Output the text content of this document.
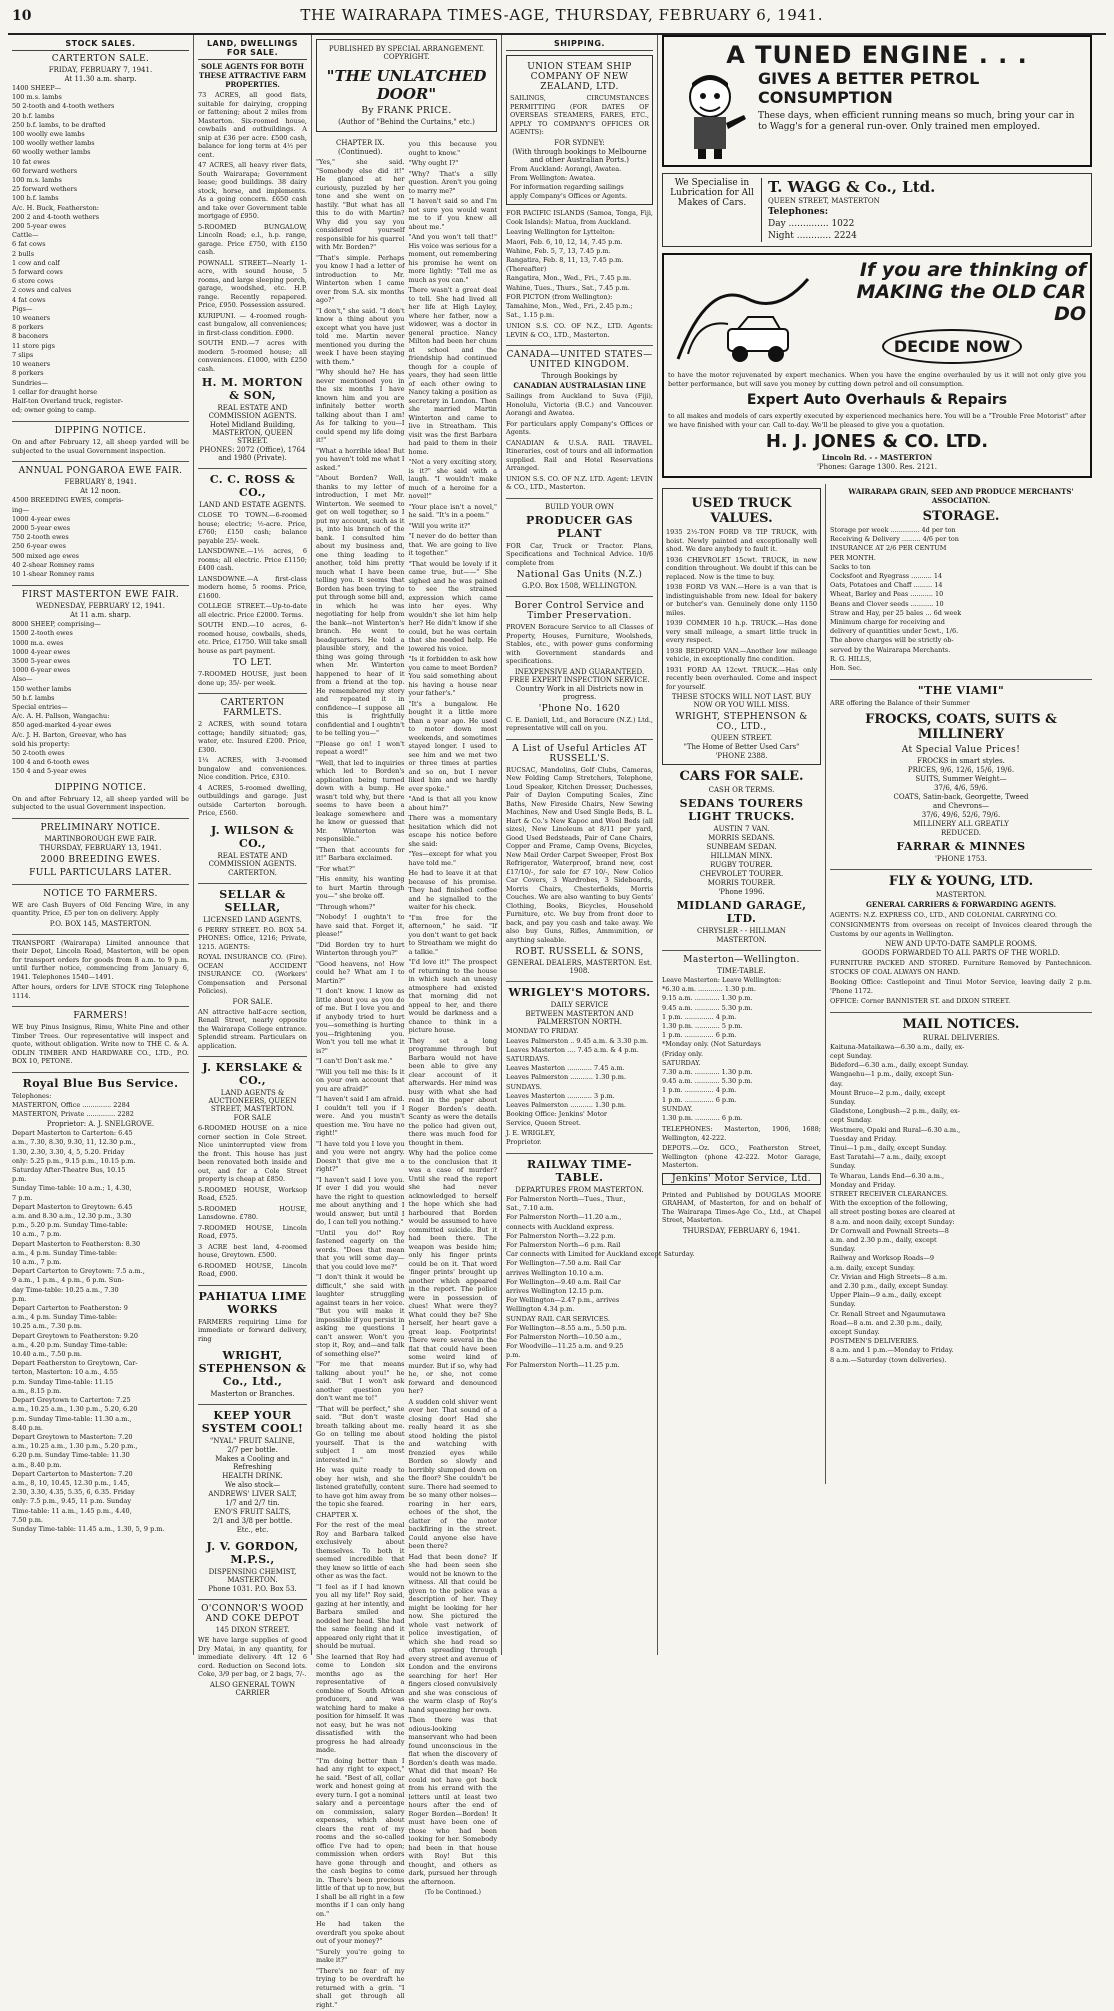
10	THE WAIRARAPA TIMES-AGE, THURSDAY, FEBRUARY 6, 1941.
STOCK SALES.
CARTERTON SALE.
FRIDAY, FEBRUARY 7, 1941.
At 11.30 a.m. sharp.
1400 SHEEP—
100 m.s. lambs
50 2-tooth and 4-tooth wethers
20 b.f. lambs
250 b.f. lambs, to be drafted
100 woolly ewe lambs
100 woolly wether lambs
60 woolly wether lambs
10 fat ewes
60 forward wethers
100 m.s. lambs
25 forward wethers
100 b.f. lambs
A/c. H. Buck, Featherston:
200 2 and 4-tooth wethers
200 5-year ewes
Cattle—
6 fat cows
2 bulls
1 cow and calf
5 forward cows
6 store cows
2 cows and calves
4 fat cows
Pigs—
10 weaners
8 porkers
8 baconers
11 store pigs
7 slips
10 weaners
8 porkers
Sundries—
1 cellar for draught horse
Half-ton Overland truck, register-
ed; owner going to camp.
DIPPING NOTICE.
On and after February 12, all sheep yarded will be subjected to the usual Government inspection.
ANNUAL PONGAROA EWE FAIR.
FEBRUARY 8, 1941.
At 12 noon.
4500 BREEDING EWES, compris-
ing—
1000 4-year ewes
2000 5-year ewes
750 2-tooth ewes
250 6-year ewes
500 mixed age ewes
40 2-shear Romney rams
10 1-shear Romney rams
FIRST MASTERTON EWE FAIR.
WEDNESDAY, FEBRUARY 12, 1941.
At 11 a.m. sharp.
8000 SHEEP, comprising—
1500 2-tooth ewes
1000 m.a. ewes
1000 4-year ewes
3500 5-year ewes
1000 6-year ewes
Also—
150 wether lambs
50 b.f. lambs
Special entries—
A/c. A. H. Pallson, Wangachu:
850 aged-marked 4-year ewes
A/c. J. H. Barton, Greevar, who has
sold his property:
50 2-tooth ewes
100 4 and 6-tooth ewes
150 4 and 5-year ewes
DIPPING NOTICE.
On and after February 12, all sheep yarded will be subjected to the usual Government inspection.
PRELIMINARY NOTICE.
MARTINBOROUGH EWE FAIR.
THURSDAY, FEBRUARY 13, 1941.
2000 BREEDING EWES.
FULL PARTICULARS LATER.
NOTICE TO FARMERS.
WE are Cash Buyers of Old Fencing Wire, in any quantity. Price, £5 per ton on delivery. Apply
P.O. BOX 145, MASTERTON.
TRANSPORT (Wairarapa) Limited announce that their Depot, Lincoln Road, Masterton, will be open for transport orders for goods from 8 a.m. to 9 p.m. until further notice, commencing from January 6, 1941. Telephones 1540—1491.
After hours, orders for LIVE STOCK ring Telephone 1114.
FARMERS!
WE buy Pinus Insignus, Rimu, White Pine and other Timber Trees. Our representative will inspect and quote, without obligation. Write now to THE C. & A. ODLIN TIMBER AND HARDWARE CO., LTD., P.O. BOX 10, PETONE.
Royal Blue Bus Service.
Telephones:
MASTERTON, Office .............. 2284
MASTERTON, Private .............. 2282
Proprietor: A. J. SNELGROVE.
Depart Masterton to Carterton: 6.45
a.m., 7.30, 8.30, 9.30, 11, 12.30 p.m.,
1.30, 2.30, 3.30, 4, 5, 5.20. Friday
only: 5.25 p.m., 9.15 p.m., 10.15 p.m.
Saturday After-Theatre Bus, 10.15
p.m.
Sunday Time-table: 10 a.m.; 1, 4.30,
7 p.m.
Depart Masterton to Greytown: 6.45
a.m. and 8.30 a.m., 12.30 p.m., 3.30
p.m., 5.20 p.m. Sunday Time-table:
10 a.m., 7 p.m.
Depart Masterton to Featherston: 8.30
a.m., 4 p.m. Sunday Time-table:
10 a.m., 7 p.m.
Depart Carterton to Greytown: 7.5 a.m.,
9 a.m., 1 p.m., 4 p.m., 6 p.m. Sun-
day Time-table: 10.25 a.m., 7.30
p.m.
Depart Carterton to Featherston: 9
a.m., 4 p.m. Sunday Time-table:
10.25 a.m., 7.30 p.m.
Depart Greytown to Featherston: 9.20
a.m., 4.20 p.m. Sunday Time-table:
10.40 a.m., 7.50 p.m.
Depart Featherston to Greytown, Car-
terton, Masterton: 10 a.m., 4.55
p.m. Sunday Time-table: 11.15
a.m., 8.15 p.m.
Depart Greytown to Carterton: 7.25
a.m., 10.25 a.m., 1.30 p.m., 5.20, 6.20
p.m. Sunday Time-table: 11.30 a.m.,
8.40 p.m.
Depart Greytown to Masterton: 7.20
a.m., 10.25 a.m., 1.30 p.m., 5.20 p.m.,
6.20 p.m. Sunday Time-table: 11.30
a.m., 8.40 p.m.
Depart Carterton to Masterton: 7.20
a.m., 8, 10, 10.45, 12.30 p.m., 1.45,
2.30, 3.30, 4.35, 5.35, 6, 6.35. Friday
only: 7.5 p.m., 9.45, 11 p.m. Sunday
Time-table: 11 a.m., 1.45 p.m., 4.40,
7.50 p.m.
Sunday Time-table: 11.45 a.m., 1.30, 5, 9 p.m.
LAND, DWELLINGS FOR SALE.
SOLE AGENTS FOR BOTH THESE ATTRACTIVE FARM PROPERTIES.
73 ACRES, all good flats, suitable for dairying, cropping or fattening; about 2 miles from Masterton. Six-roomed house, cowbails and outbuildings. A snip at £36 per acre. £500 cash, balance for long term at 4½ per cent.
47 ACRES, all heavy river flats, South Wairarapa; Government lease; good buildings. 38 dairy stock, horse, and implements. As a going concern. £650 cash and take over Government table mortgage of £950.
5-ROOMED BUNGALOW, Lincoln Road; e.l., h.p. range, garage. Price £750, with £150 cash.
POWNALL STREET—Nearly 1-acre, with sound house, 5 rooms, and large sleeping porch, garage, woodshed, etc. H.P. range. Recently repapered. Price, £950. Possession assured.
KURIPUNI. — 4-roomed rough-cast bungalow, all conveniences; in first-class condition. £900.
SOUTH END.—7 acres with modern 5-roomed house; all conveniences. £1000, with £250 cash.
H. M. MORTON & SON,
REAL ESTATE AND COMMISSION AGENTS.
Hotel Midland Building, MASTERTON, QUEEN STREET.
PHONES: 2072 (Office), 1764 and 1980 (Private).
C. C. ROSS & CO.,
LAND AND ESTATE AGENTS.
CLOSE TO TOWN.—6-roomed house; electric; ½-acre. Price, £760; £150 cash; balance payable 25/- week.
LANSDOWNE.—1½ acres, 6 rooms; all electric. Price £1150; £400 cash.
LANSDOWNE.—A first-class modern home, 5 rooms. Price, £1600.
COLLEGE STREET.—Up-to-date all electric. Price £2000. Terms.
SOUTH END.—10 acres, 6-roomed house, cowbails, sheds, etc. Price, £1750. Will take small house as part payment.
TO LET.
7-ROOMED HOUSE, just been done up; 35/- per week.
CARTERTON FARMLETS.
2 ACRES, with sound totara cottage; handily situated; gas, water, etc. Insured £200. Price, £300.
1¼ ACRES, with 3-roomed bungalow and conveniences. Nice condition. Price, £310.
4 ACRES, 5-roomed dwelling, outbuildings and garage. Just outside Carterton borough. Price, £560.
J. WILSON & CO.,
REAL ESTATE AND COMMISSION AGENTS.
CARTERTON.
SELLAR & SELLAR,
LICENSED LAND AGENTS.
6 PERRY STREET. P.O. BOX 54. PHONES: Office, 1216; Private, 1215. AGENTS:
ROYAL INSURANCE CO. (Fire). OCEAN ACCIDENT INSURANCE CO. (Workers' Compensation and Personal Policies).
FOR SALE.
AN attractive half-acre section, Renall Street, nearly opposite the Wairarapa College entrance. Splendid stream. Particulars on application.
J. KERSLAKE & CO.,
LAND AGENTS & AUCTIONEERS, QUEEN STREET, MASTERTON.
FOR SALE
6-ROOMED HOUSE on a nice corner section in Cole Street. Nice uninterrupted view from the front. This house has just been renovated both inside and out, and for a Cole Street property is cheap at £850.
5-ROOMED HOUSE, Worksop Road, £525.
5-ROOMED HOUSE, Lansdowne. £780.
7-ROOMED HOUSE, Lincoln Road, £975.
3 ACRE best land, 4-roomed house, Greytown. £500.
6-ROOMED HOUSE, Lincoln Road, £900.
PAHIATUA LIME WORKS
FARMERS requiring Lime for immediate or forward delivery, ring
WRIGHT, STEPHENSON & Co., Ltd.,
Masterton or Branches.
KEEP YOUR SYSTEM COOL!
"NYAL" FRUIT SALINE,
2/7 per bottle.
Makes a Cooling and Refreshing
HEALTH DRINK.
We also stock—
ANDREWS' LIVER SALT,
1/7 and 2/7 tin.
ENO'S FRUIT SALTS,
2/1 and 3/8 per bottle.
Etc., etc.
J. V. GORDON, M.P.S.,
DISPENSING CHEMIST, MASTERTON.
Phone 1031. P.O. Box 53.
O'CONNOR'S WOOD AND COKE DEPOT
145 DIXON STREET.
WE have large supplies of good Dry Matai, in any quantity, for immediate delivery. 4ft 12 6 cord. Reduction on Second lots. Coke, 3/9 per bag, or 2 bags, 7/-.
ALSO GENERAL TOWN CARRIER
PUBLISHED BY SPECIAL ARRANGEMENT. COPYRIGHT.
"THE UNLATCHED DOOR"
By FRANK PRICE.
(Author of "Behind the Curtains," etc.)
CHAPTER IX.
(Continued).
"Yes," she said. "Somebody else did it!" He glanced at her curiously, puzzled by her tone and she went on hastily. "But what has all this to do with Martin? Why did you say you considered yourself responsible for his quarrel with Mr. Borden?"
"That's simple. Perhaps you know I had a letter of introduction to Mr. Winterton when I came over from S.A. six months ago?"
"I don't," she said. "I don't know a thing about you except what you have just told me. Martin never mentioned you during the week I have been staying with them."
"Why should he? He has never mentioned you in the six months I have known him and you are infinitely better worth talking about than I am! As for talking to you—I could spend my life doing it!"
"What a horrible idea! But you haven't told me what I asked."
"About Borden? Well, thanks to my letter of introduction, I met Mr. Winterton. We seemed to get on well together, so I put my account, such as it is, into his branch of the bank. I consulted him about my business and, one thing leading to another, told him pretty much what I have been telling you. It seems that Borden has been trying to put through some bill and, in which he was negotiating for help from the bank—not Winterton's branch. He went to headquarters. He told a plausible story, and the thing was going through when Mr. Winterton happened to hear of it from a friend at the top. He remembered my story and repeated it in confidence—I suppose all this is frightfully confidential and I oughtn't to be telling you—"
"Please go on! I won't repeat a word!"
"Well, that led to inquiries which led to Borden's application being turned down with a bump. He wasn't told why, but there seems to have been a leakage somewhere and he knew or guessed that Mr. Winterton was responsible."
"Then that accounts for it!" Barbara exclaimed.
"For what?"
"His enmity, his wanting to hurt Martin through you—" she broke off.
"Through whom?"
"Nobody! I oughtn't to have said that. Forget it, please!"
"Did Borden try to hurt Winterton through you?"
"Good heavens, no! How could he? What am I to Martin?"
"I don't know. I know as little about you as you do of me. But I love you and if anybody tried to hurt you—something is hurting you—frightening you. Won't you tell me what it is?"
"I can't! Don't ask me."
"Will you tell me this: Is it on your own account that you are afraid?"
"I haven't said I am afraid. I couldn't tell you if I were. And you mustn't question me. You have no right!"
"I have told you I love you and you were not angry. Doesn't that give me a right?"
"I haven't said I love you. If ever I did you would have the right to question me about anything and I would answer, but until I do, I can tell you nothing."
"Until you do!" Roy fastened eagerly on the words. "Does that mean that you will some day—that you could love me?"
"I don't think it would be difficult," she said with laughter struggling against tears in her voice. "But you will make it impossible if you persist in asking me questions I can't answer. Won't you stop it, Roy, and—and talk of something else?"
"For me that means talking about you!" he said. "But I won't ask another question you don't want me to!"
"That will be perfect," she said. "But don't waste breath talking about me. Go on telling me about yourself. That is the subject I am most interested in."
He was quite ready to obey her wish, and she listened gratefully, content to have got him away from the topic she feared.
CHAPTER X.
For the rest of the meal Roy and Barbara talked exclusively about themselves. To both it seemed incredible that they knew so little of each other as was the fact.
"I feel as if I had known you all my life!" Roy said, gazing at her intently, and Barbara smiled and nodded her head. She had the same feeling and it appeared only right that it should be mutual.
She learned that Roy had come to London six months ago as the representative of a combine of South African producers, and was watching hard to make a position for himself. It was not easy, but he was not dissatisfied with the progress he had already made.
"I'm doing better than I had any right to expect," he said. "Best of all, collar work and honest going at every turn. I got a nominal salary and a percentage on commission, salary expenses, which about clears the rent of my rooms and the so-called office I've had to open; commission when orders have gone through and the cash begins to come in. There's been precious little of that up to now, but I shall be all right in a few months if I can only hang on."
He had taken the overdraft you spoke about out of your money?"
"Surely you're going to make it?"
"There's no fear of my trying to be overdraft he returned with a grin. "I shall get through all right."
you this because you ought to know."
"Why ought I?"
"Why? That's a silly question. Aren't you going to marry me?"
"I haven't said so and I'm not sure you would want me to if you knew all about me."
"And you won't tell that!" His voice was serious for a moment, out remembering his promise he went on more lightly: "Tell me as much as you can."
There wasn't a great deal to tell. She had lived all her life at High Layley, where her father, now a widower, was a doctor in general practice. Nancy Milton had been her chum at school and the friendship had continued though for a couple of years, they had seen little of each other owing to Nancy taking a position as secretary in London. Then she married Martin Winterton and came to live in Streatham. This visit was the first Barbara had paid to them in their home.
"Not a very exciting story, is it?" she said with a laugh. "I wouldn't make much of a heroine for a novel!"
"Your place isn't a novel," he said. "It's in a poem."
"Will you write it?"
"I never do do better than that. We are going to live it together."
"That would be lovely if it came true, but——" She sighed and he was pained to see the strained expression which came into her eyes. Why wouldn't she let him help her? He didn't know if she could, but he was certain that she needed help. He lowered his voice.
"Is it forbidden to ask how you came to meet Borden? You said something about his having a house near your father's."
"It's a bungalow. He bought it a little more than a year ago. He used to motor down most weekends, and sometimes stayed longer. I used to see him and we met two or three times at parties and so on, but I never liked him and we hardly ever spoke."
"And is that all you know about him?"
There was a momentary hesitation which did not escape his notice before she said:
"Yes—except for what you have told me."
He had to leave it at that because of his promise. They had finished coffee and he signalled to the waiter for his check.
"I'm free for the afternoon," he said. "If you don't want to get back to Streatham we might do a talkie."
"I'd love it!" The prospect of returning to the house in which such an uneasy atmosphere had existed that morning did not appeal to her, and there would be darkness and a chance to think in a picture house.
They set a long programme through but Barbara would not have been able to give any clear account of it afterwards. Her mind was busy with what she had read in the paper about Roger Borden's death. Scanty as were the details the police had given out, there was much food for thought in them.
Why had the police come to the conclusion that it was a case of murder? Until she read the report she had never acknowledged to herself the hope which she had harboured that Borden would be assumed to have committed suicide. But it had been there. The weapon was beside him; only his finger prints could be on it. That word 'finger prints' brought up another which appeared in the report. The police were in possession of clues! What were they? What could they be? She herself, her heart gave a great leap. Footprints! There were several in the flat that could have been some weird kind of murder. But if so, why had he, or she, not come forward and denounced her?
A sudden cold shiver went over her. That sound of a closing door! Had she really heard it as she stood holding the pistol and watching with frenzied eyes while Borden so slowly and horribly slumped down on the floor? She couldn't be sure. There had seemed to be so many other noises—roaring in her ears, echoes of the shot, the clatter of the motor backfiring in the street. Could anyone else have been there?
Had that been done? If she had been seen she would not be known to the witness. All that could be given to the police was a description of her. They might be looking for her now. She pictured the whole vast network of police investigation, of which she had read so often spreading through every street and avenue of London and the environs searching for her! Her fingers closed convulsively and she was conscious of the warm clasp of Roy's hand squeezing her own.
Then there was that odious-looking manservant who had been found unconscious in the flat when the discovery of Borden's death was made. What did that mean? He could not have got back from his errand with the letters until at least two hours after the end of Roger Borden—Borden! It must have been one of those who had been looking for her. Somebody had been in that house with Roy! But this thought, and others as dark, pursued her through the afternoon.
(To be Continued.)
SHIPPING.
UNION STEAM SHIP COMPANY OF NEW ZEALAND, LTD.
SAILINGS, CIRCUMSTANCES PERMITTING (FOR DATES OF OVERSEAS STEAMERS, FARES, ETC., APPLY TO COMPANY'S OFFICES OR AGENTS):
FOR SYDNEY:
(With through bookings to Melbourne and other Australian Ports.)
From Auckland: Aorangi, Awatea.
From Wellington: Awatea.
For information regarding sailings
apply Company's Offices or Agents.
FOR PACIFIC ISLANDS (Samoa, Tonga, Fiji, Cook Islands): Matua, from Auckland.
Leaving Wellington for Lyttelton:
Maori, Feb. 6, 10, 12, 14, 7.45 p.m.
Wahine, Feb. 5, 7, 13, 7.45 p.m.
Rangatira, Feb. 8, 11, 13, 7.45 p.m.
(Thereafter)
Rangatira, Mon., Wed., Fri., 7.45 p.m.
Wahine, Tues., Thurs., Sat., 7.45 p.m.
FOR PICTON (from Wellington):
Tamahine, Mon., Wed., Fri., 2.45 p.m.;
Sat., 1.15 p.m.
UNION S.S. CO. OF N.Z., LTD. Agents: LEVIN & CO., LTD., Masterton.
CANADA—UNITED STATES—UNITED KINGDOM.
Through Bookings by
CANADIAN AUSTRALASIAN LINE
Sailings from Auckland to Suva (Fiji), Honolulu, Victoria (B.C.) and Vancouver. Aorangi and Awatea.
For particulars apply Company's Offices or Agents.
CANADIAN & U.S.A. RAIL TRAVEL. Itineraries, cost of tours and all information supplied. Rail and Hotel Reservations Arranged.
UNION S.S. CO. OF N.Z. LTD. Agent: LEVIN & CO., LTD., Masterton.
BUILD YOUR OWN
PRODUCER GAS PLANT
FOR Car, Truck or Tractor. Plans, Specifications and Technical Advice. 10/6 complete from
National Gas Units (N.Z.)
G.P.O. Box 1508, WELLINGTON.
Borer Control Service and Timber Preservation.
PROVEN Boracure Service to all Classes of Property, Houses, Furniture, Woolsheds, Stables, etc., with power guns conforming with Government standards and specifications.
INEXPENSIVE AND GUARANTEED. FREE EXPERT INSPECTION SERVICE.
Country Work in all Districts now in progress.
'Phone No. 1620
C. E. Daniell, Ltd., and Boracure (N.Z.) Ltd., representative will call on you.
A List of Useful Articles AT RUSSELL'S.
RUCSAC, Mandolins, Golf Clubs, Cameras, New Folding Camp Stretchers, Telephone, Loud Speaker, Kitchen Dresser, Duchesses, Pair of Daylon Computing Scales, Zinc Baths, New Fireside Chairs, New Sewing Machines, New and Used Single Beds, B. L. Hart & Co.'s New Kapoc and Wool Beds (all sizes), New Linoleum at 8/11 per yard, Good Used Bedsteads, Pair of Cane Chairs, Copper and Frame, Camp Ovens, Bicycles, New Mail Order Carpet Sweeper, Frost Box Refrigerator, Waterproof, brand new, cost £17/10/-, for sale for £7 10/-, New Colico Car Covers, 3 Wardrobes, 3 Sideboards, Morris Chairs, Chesterfields, Morris Couches. We are also wanting to buy Gents' Clothing, Books, Bicycles, Household Furniture, etc. We buy from front door to back, and pay you cash and take away. We also buy Guns, Rifles, Ammunition, or anything saleable.
ROBT. RUSSELL & SONS,
GENERAL DEALERS, MASTERTON. Est. 1908.
WRIGLEY'S MOTORS.
DAILY SERVICE
BETWEEN MASTERTON AND PALMERSTON NORTH.
MONDAY TO FRIDAY.
Leaves Palmerston .. 9.45 a.m. & 3.30 p.m.
Leaves Masterton .... 7.45 a.m. & 4 p.m.
SATURDAYS.
Leaves Masterton ............ 7.45 a.m.
Leaves Palmerston ........... 1.30 p.m.
SUNDAYS.
Leaves Masterton ............ 3 p.m.
Leaves Palmerston ........... 1.30 p.m.
Booking Office: Jenkins' Motor
Service, Queen Street.
J. E. WRIGLEY,
Proprietor.
RAILWAY TIME-TABLE.
DEPARTURES FROM MASTERTON.
For Palmerston North—Tues., Thur.,
Sat., 7.10 a.m.
For Palmerston North—11.20 a.m.,
connects with Auckland express.
For Palmerston North—3.22 p.m.
For Palmerston North—6 p.m. Rail
Car connects with Limited for Auckland except Saturday.
For Wellington—7.50 a.m. Rail Car
arrives Wellington 10.10 a.m.
For Wellington—9.40 a.m. Rail Car
arrives Wellington 12.15 p.m.
For Wellington—2.47 p.m., arrives
Wellington 4.34 p.m.
SUNDAY RAIL CAR SERVICES.
For Wellington—8.55 a.m., 5.50 p.m.
For Palmerston North—10.50 a.m.,
For Woodville—11.25 a.m. and 9.25
p.m.
For Palmerston North—11.25 p.m.
A TUNED ENGINE . . .
GIVES A BETTER PETROL CONSUMPTION
These days, when efficient running means so much, bring your car in to Wagg's for a general run-over. Only trained men employed.
We Specialise in Lubrication for All Makes of Cars.
T. WAGG & Co., Ltd.
QUEEN STREET, MASTERTON
Telephones:
Day .............. 1022
Night ............ 2224
If you are thinking of MAKING the OLD CAR DO
DECIDE NOW
to have the motor rejuvenated by expert mechanics. When you have the engine overhauled by us it will not only give you better performance, but will save you money by cutting down petrol and oil consumption.
Expert Auto Overhauls & Repairs
to all makes and models of cars expertly executed by experienced mechanics here. You will be a "Trouble Free Motorist" after we have finished with your car. Call to-day. We'll be pleased to give you a quotation.
H. J. JONES & CO. LTD.
Lincoln Rd. - - MASTERTON
'Phones: Garage 1300. Res. 2121.
USED TRUCK VALUES.
1935 2½-TON FORD V8 TIP TRUCK, with hoist. Newly painted and exceptionally well shod. We dare anybody to fault it.
1936 CHEVROLET 15cwt. TRUCK, in new condition throughout. We doubt if this can be replaced. Now is the time to buy.
1938 FORD V8 VAN.—Here is a van that is indistinguishable from new. Ideal for bakery or butcher's van. Genuinely done only 1150 miles.
1939 COMMER 10 h.p. TRUCK.—Has done very small mileage, a smart little truck in every respect.
1938 BEDFORD VAN.—Another low mileage vehicle, in exceptionally fine condition.
1931 FORD AA 12cwt. TRUCK.—Has only recently been overhauled. Come and inspect for yourself.
THESE STOCKS WILL NOT LAST. BUY NOW OR YOU WILL MISS.
WRIGHT, STEPHENSON & CO., LTD.,
QUEEN STREET.
"The Home of Better Used Cars"
'PHONE 2388.
CARS FOR SALE.
CASH OR TERMS.
SEDANS TOURERS LIGHT TRUCKS.
AUSTIN 7 VAN.
MORRIS SEDANS.
SUNBEAM SEDAN.
HILLMAN MINX.
RUGBY TOURER.
CHEVROLET TOURER.
MORRIS TOURER.
'Phone 1996.
MIDLAND GARAGE, LTD.
CHRYSLER - - HILLMAN
MASTERTON.
Masterton—Wellington.
TIME-TABLE.
Leave Masterton: Leave Wellington:
*6.30 a.m. ............ 1.30 p.m.
9.15 a.m. ............ 1.30 p.m.
9.45 a.m. ............ 5.30 p.m.
1 p.m. .............. 4 p.m.
1.30 p.m. ............ 5 p.m.
1 p.m. .............. 6 p.m.
*Monday only. (Not Saturdays
(Friday only.
SATURDAY.
7.30 a.m. ............ 1.30 p.m.
9.45 a.m. ............ 5.30 p.m.
1 p.m. .............. 4 p.m.
1 p.m. .............. 6 p.m.
SUNDAY.
1.30 p.m. ............ 6 p.m.
TELEPHONES: Masterton, 1906, 1688; Wellington, 42-222.
DEPOTS.—Oz. GCO., Featherston Street, Wellington (phone 42-222. Motor Garage, Masterton.
Jenkins' Motor Service, Ltd.
Printed and Published by DOUGLAS MOORE GRAHAM, of Masterton, for and on behalf of The Wairarapa Times-Age Co., Ltd., at Chapel Street, Masterton.
THURSDAY, FEBRUARY 6, 1941.
WAIRARAPA GRAIN, SEED AND PRODUCE MERCHANTS' ASSOCIATION.
STORAGE.
Storage per week .............. 4d per ton
Receiving & Delivery ......... 4/6 per ton
INSURANCE AT 2/6 PER CENTUM
PER MONTH.
Sacks to ton
Cocksfoot and Ryegrass .......... 14
Oats, Potatoes and Chaff ......... 14
Wheat, Barley and Peas ........... 10
Beans and Clover seeds ........... 10
Straw and Hay, per 25 bales ... 6d week
Minimum charge for receiving and
delivery of quantities under 5cwt., 1/6.
The above charges will be strictly ob-
served by the Wairarapa Merchants.
R. G. HILLS,
Hon. Sec.
"THE VIAMI"
ARE offering the Balance of their Summer
FROCKS, COATS, SUITS & MILLINERY
At Special Value Prices!
FROCKS in smart styles.
PRICES, 9/6, 12/6, 15/6, 19/6.
SUITS, Summer Weight—
37/6, 4/6, 59/6.
COATS, Satin-back, Georgette, Tweed
and Chevrons—
37/6, 49/6, 52/6, 79/6.
MILLINERY ALL GREATLY
REDUCED.
FARRAR & MINNES
'PHONE 1753.
FLY & YOUNG, LTD.
MASTERTON.
GENERAL CARRIERS & FORWARDING AGENTS.
AGENTS: N.Z. EXPRESS CO., LTD., AND COLONIAL CARRYING CO.
CONSIGNMENTS from overseas on receipt of Invoices cleared through the Customs by our agents in Wellington.
NEW AND UP-TO-DATE SAMPLE ROOMS.
GOODS FORWARDED TO ALL PARTS OF THE WORLD.
FURNITURE PACKED AND STORED. Furniture Removed by Pantechnicon. STOCKS OF COAL ALWAYS ON HAND.
Booking Office: Castlepoint and Tinui Motor Service, leaving daily 2 p.m. 'Phone 1172.
OFFICE: Corner BANNISTER ST. and DIXON STREET.
MAIL NOTICES.
RURAL DELIVERIES.
Kaituna-Mataikawa—6.30 a.m., daily, ex-
cept Sunday.
Bideford—6.30 a.m., daily, except Sunday.
Wangaehu—1 p.m., daily, except Sun-
day.
Mount Bruce—2 p.m., daily, except
Sunday.
Gladstone, Longbush—2 p.m., daily, ex-
cept Sunday.
Westmere, Opaki and Rural—6.30 a.m.,
Tuesday and Friday.
Tinui—1 p.m., daily, except Sunday.
East Taratahi—7 a.m., daily, except
Sunday.
Te Wharau, Lands End—6.30 a.m.,
Monday and Friday.
STREET RECEIVER CLEARANCES.
With the exception of the following,
all street posting boxes are cleared at
8 a.m. and noon daily, except Sunday:
Dr Cornwall and Pownall Streets—8
a.m. and 2.30 p.m., daily, except
Sunday.
Railway and Worksop Roads—9
a.m. daily, except Sunday.
Cr. Vivian and High Streets—8 a.m.
and 2.30 p.m., daily, except Sunday.
Upper Plain—9 a.m., daily, except
Sunday.
Cr. Renall Street and Ngaumutawa
Road—8 a.m. and 2.30 p.m., daily,
except Sunday.
POSTMEN'S DELIVERIES.
8 a.m. and 1 p.m.—Monday to Friday.
8 a.m.—Saturday (town deliveries).
